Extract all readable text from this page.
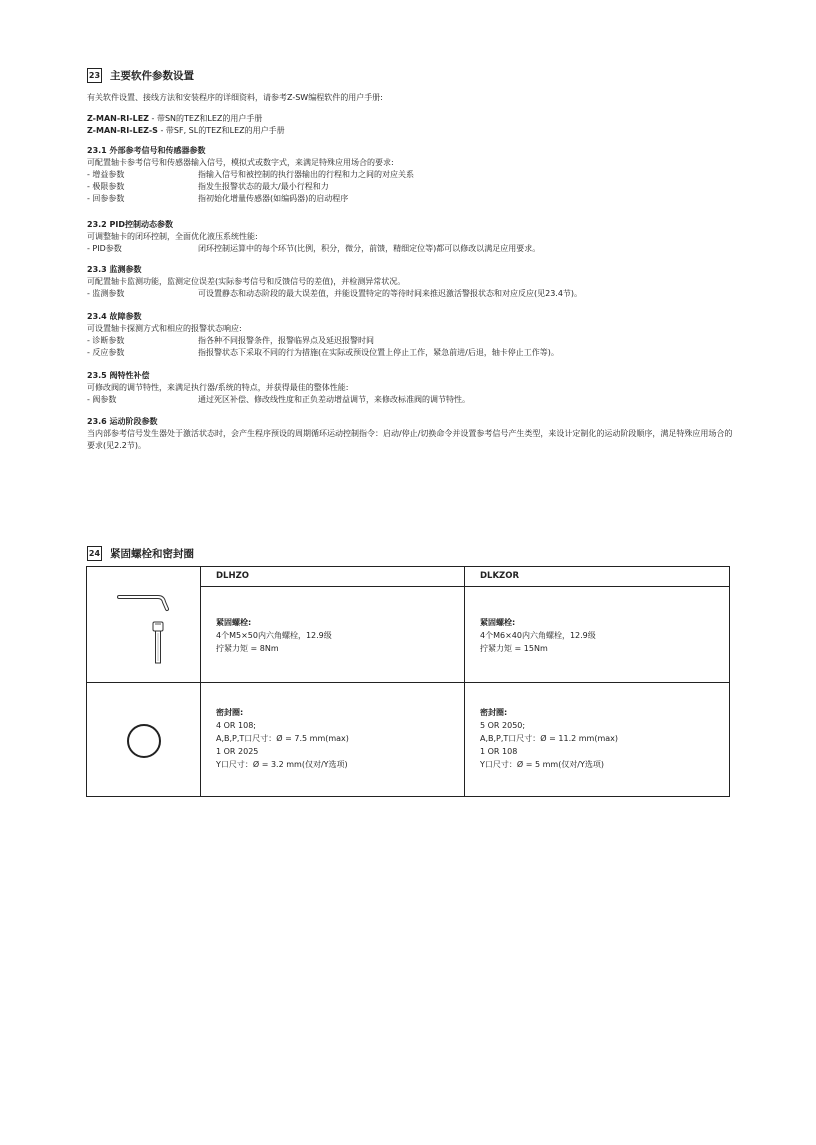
23 主要软件参数设置
有关软件设置、接线方法和安装程序的详细资料，请参考Z-SW编程软件的用户手册:
Z-MAN-RI-LEZ - 带SN的TEZ和LEZ的用户手册
Z-MAN-RI-LEZ-S - 带SF, SL的TEZ和LEZ的用户手册
23.1 外部参考信号和传感器参数
可配置轴卡参考信号和传感器输入信号，模拟式或数字式，来满足特殊应用场合的要求:
- 增益参数	指输入信号和被控制的执行器输出的行程和力之间的对应关系
- 极限参数	指发生报警状态的最大/最小行程和力
- 回参参数	指初始化增量传感器(如编码器)的启动程序
23.2 PID控制动态参数
可调整轴卡的闭环控制，全面优化液压系统性能:
- PID参数	闭环控制运算中的每个环节(比例，积分，微分，前馈，精细定位等)都可以修改以满足应用要求。
23.3 监测参数
可配置轴卡监测功能，监测定位误差(实际参考信号和反馈信号的差值)，并检测异常状况。
- 监测参数	可设置静态和动态阶段的最大误差值，并能设置特定的等待时间来推迟激活警报状态和对应反应(见23.4节)。
23.4 故障参数
可设置轴卡探测方式和相应的报警状态响应:
- 诊断参数	指各种不同报警条件，报警临界点及延迟报警时间
- 反应参数	指报警状态下采取不同的行为措施(在实际或预设位置上停止工作，紧急前进/后退，轴卡停止工作等)。
23.5 阀特性补偿
可修改阀的调节特性，来满足执行器/系统的特点，并获得最佳的整体性能:
- 阀参数	通过死区补偿、修改线性度和正负差动增益调节，来修改标准阀的调节特性。
23.6 运动阶段参数
当内部参考信号发生器处于激活状态时，会产生程序预设的周期循环运动控制指令：启动/停止/切换命令并设置参考信号产生类型，来设计定制化的运动阶段顺序，满足特殊应用场合的要求(见2.2节)。
24 紧固螺栓和密封圈
DLHZO	DLKZOR
紧固螺栓:
4个M5×50内六角螺栓，12.9级
拧紧力矩 = 8Nm
紧固螺栓:
4个M6×40内六角螺栓，12.9级
拧紧力矩 = 15Nm
密封圈:
4 OR 108;
A,B,P,T口尺寸：Ø = 7.5 mm(max)
1 OR 2025
Y口尺寸：Ø = 3.2 mm(仅对/Y选项)
密封圈:
5 OR 2050;
A,B,P,T口尺寸：Ø = 11.2 mm(max)
1 OR 108
Y口尺寸：Ø = 5 mm(仅对/Y选项)
